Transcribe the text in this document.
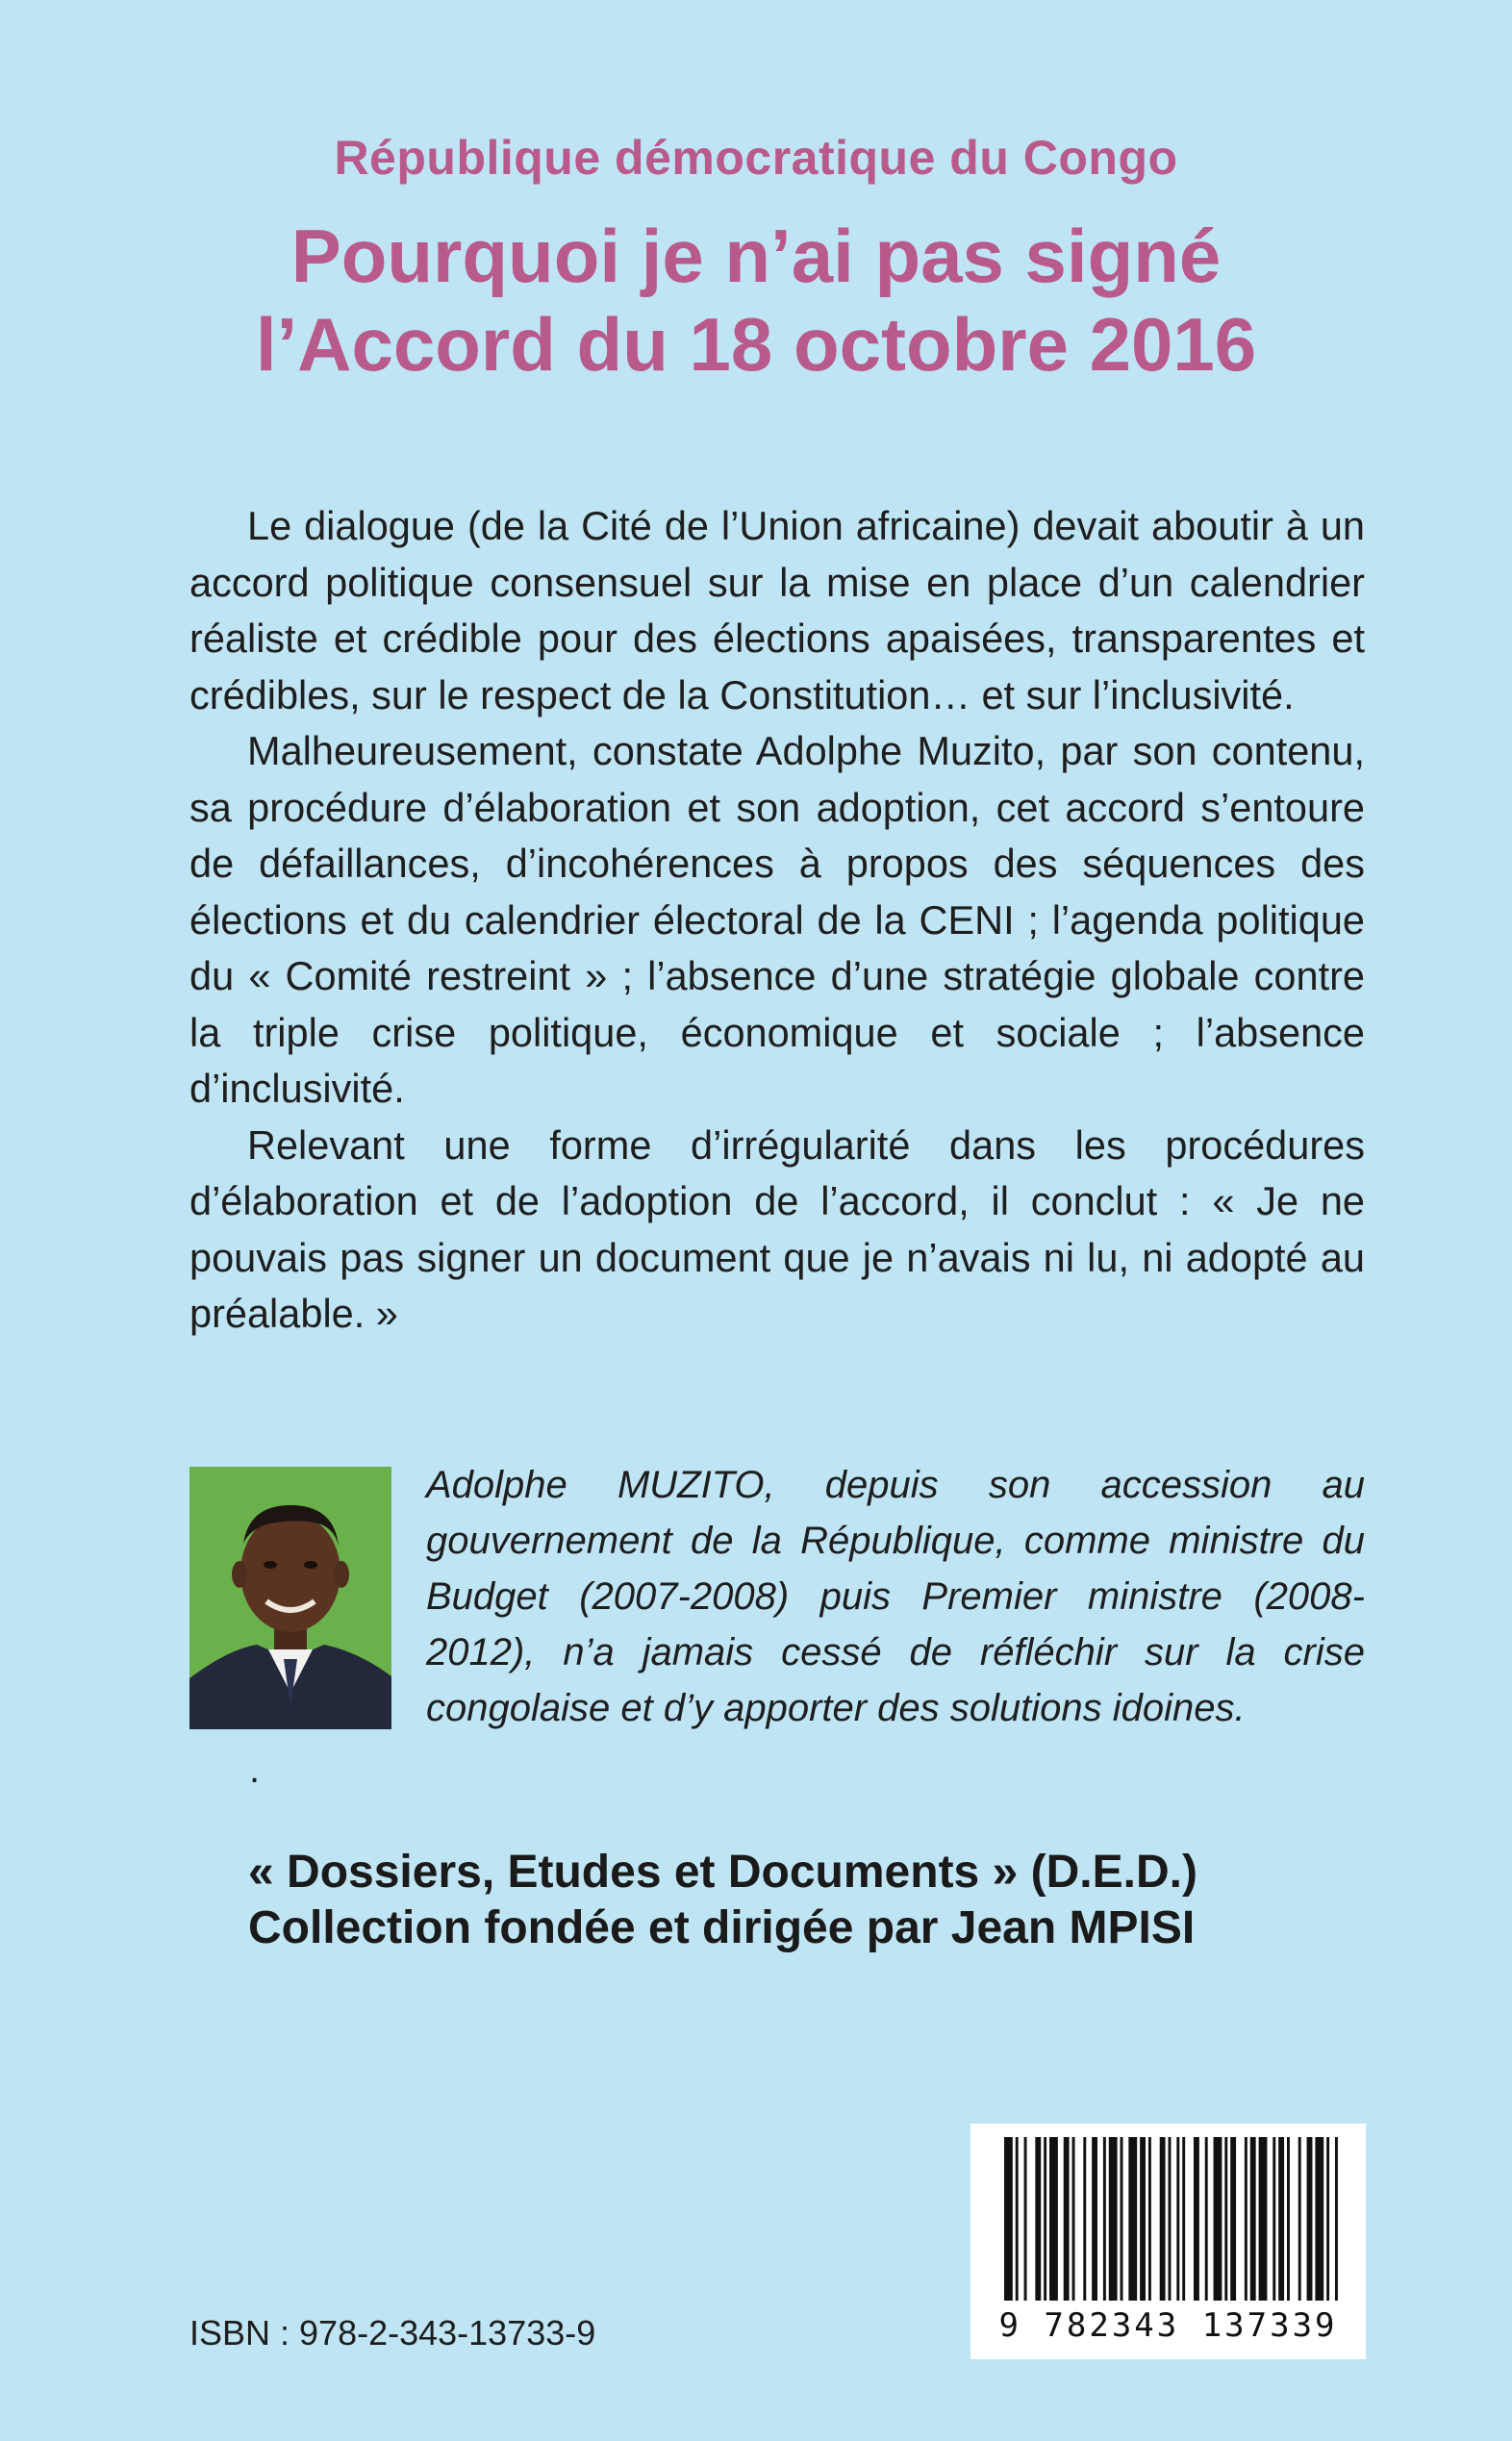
République démocratique du Congo
Pourquoi je n’ai pas signé
l’Accord du 18 octobre 2016

Le dialogue (de la Cité de l’Union africaine) devait aboutir à un accord politique consensuel sur la mise en place d’un calendrier réaliste et crédible pour des élections apaisées, transparentes et crédibles, sur le respect de la Constitution… et sur l’inclusivité.

Malheureusement, constate Adolphe Muzito, par son contenu, sa procédure d’élaboration et son adoption, cet accord s’entoure de défaillances, d’incohérences à propos des séquences des élections et du calendrier électoral de la CENI ; l’agenda politique du « Comité restreint » ; l’absence d’une stratégie globale contre la triple crise politique, économique et sociale ; l’absence d’inclusivité.

Relevant une forme d’irrégularité dans les procédures d’élaboration et de l’adoption de l’accord, il conclut : « Je ne pouvais pas signer un document que je n’avais ni lu, ni adopté au préalable. »

Adolphe MUZITO, depuis son accession au gouvernement de la République, comme ministre du Budget (2007-2008) puis Premier ministre (2008-2012), n’a jamais cessé de réfléchir sur la crise congolaise et d’y apporter des solutions idoines.
.
« Dossiers, Etudes et Documents » (D.E.D.)
Collection fondée et dirigée par Jean MPISI
ISBN : 978-2-343-13733-9	9 782343 137339
